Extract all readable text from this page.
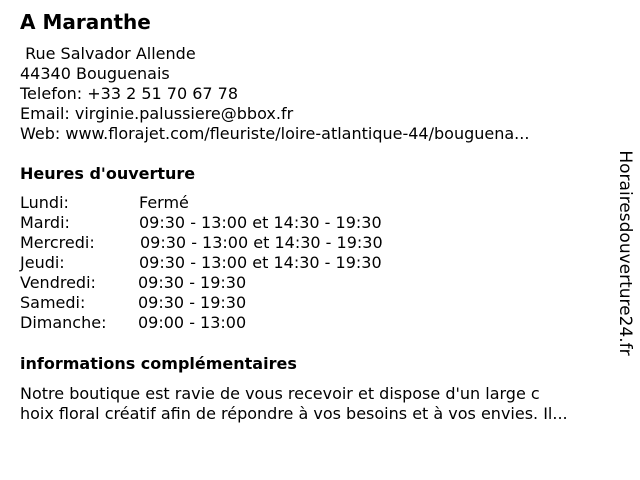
A Maranthe
Rue Salvador Allende
44340 Bouguenais
Telefon: +33 2 51 70 67 78
Email: virginie.palussiere@bbox.fr
Web: www.florajet.com/fleuriste/loire-atlantique-44/bouguena...
Heures d'ouverture
Lundi:	Fermé
Mardi:	09:30 - 13:00 et 14:30 - 19:30
Mercredi:	09:30 - 13:00 et 14:30 - 19:30
Jeudi:	09:30 - 13:00 et 14:30 - 19:30
Vendredi:	09:30 - 19:30
Samedi:	09:30 - 19:30
Dimanche: 09:00 - 13:00
informations complémentaires
Notre boutique est ravie de vous recevoir et dispose d'un large c
hoix floral créatif afin de répondre à vos besoins et à vos envies. Il...
Horairesdouverture24.fr
